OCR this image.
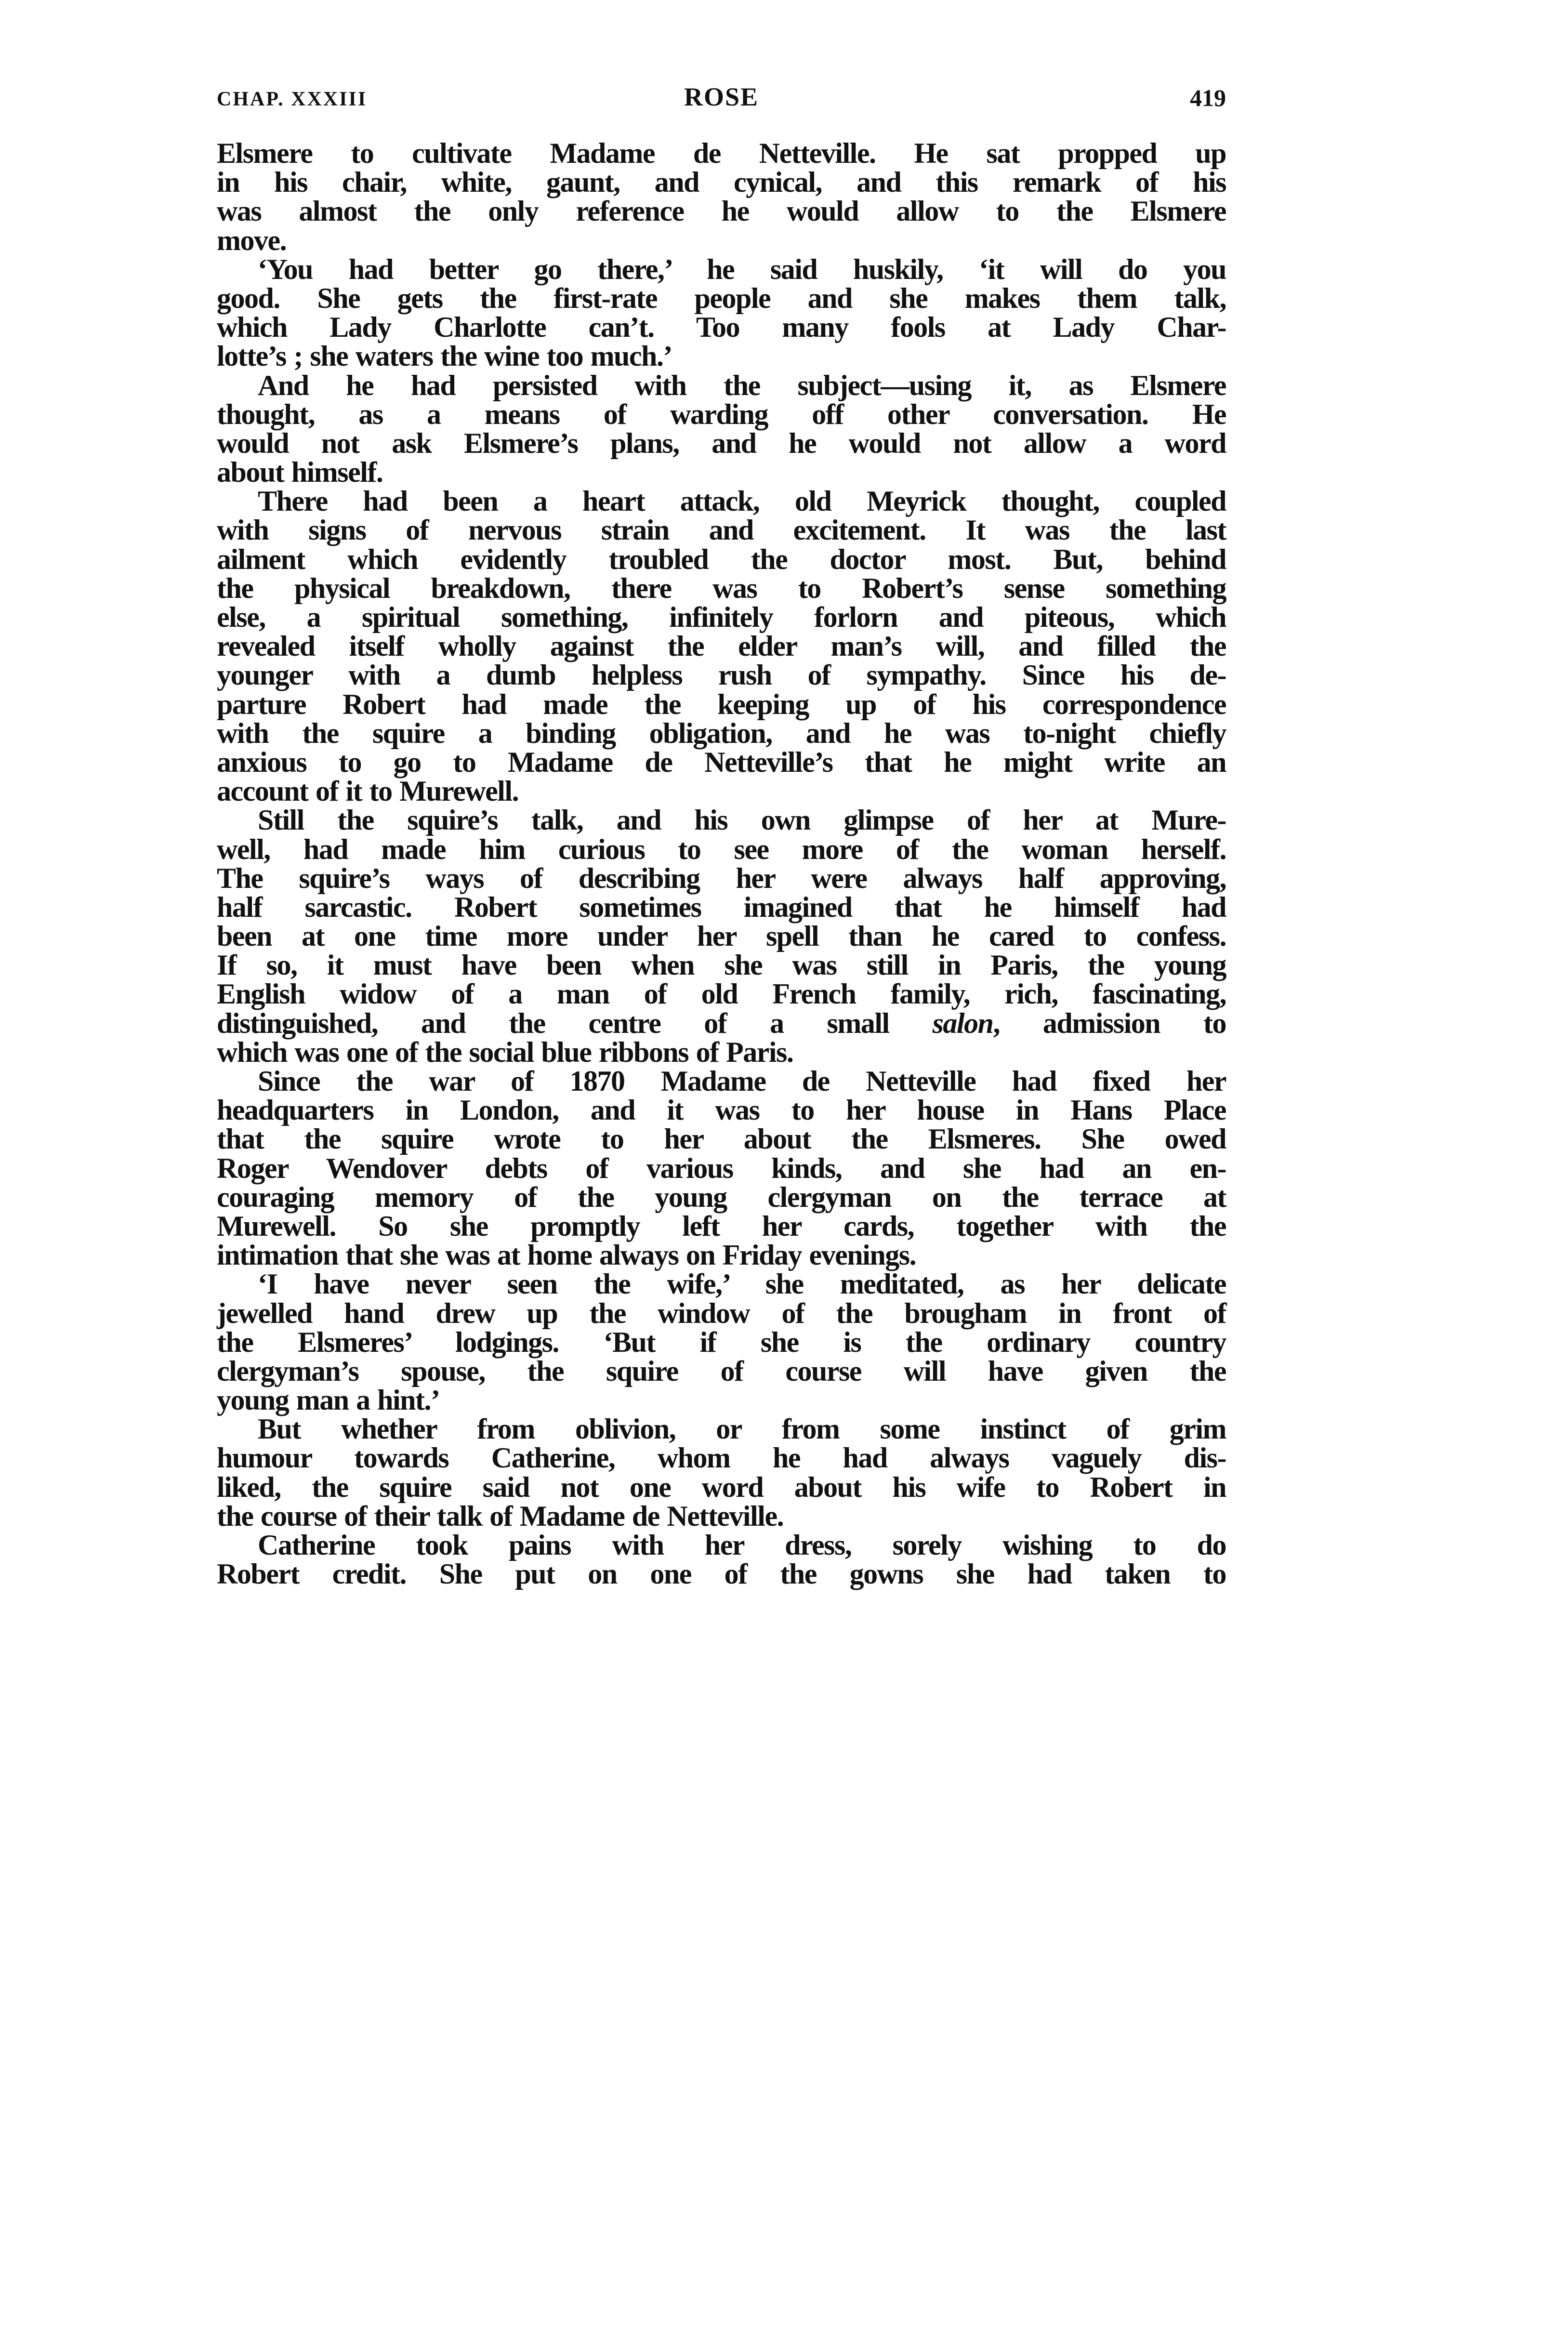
CHAP. XXXIII	ROSE	419
Elsmere to cultivate Madame de Netteville. He sat propped up
in his chair, white, gaunt, and cynical, and this remark of his
was almost the only reference he would allow to the Elsmere
move.
‘You had better go there,’ he said huskily, ‘it will do you
good. She gets the first-rate people and she makes them talk,
which Lady Charlotte can’t. Too many fools at Lady Char-
lotte’s ; she waters the wine too much.’
And he had persisted with the subject—using it, as Elsmere
thought, as a means of warding off other conversation. He
would not ask Elsmere’s plans, and he would not allow a word
about himself.
There had been a heart attack, old Meyrick thought, coupled
with signs of nervous strain and excitement. It was the last
ailment which evidently troubled the doctor most. But, behind
the physical breakdown, there was to Robert’s sense something
else, a spiritual something, infinitely forlorn and piteous, which
revealed itself wholly against the elder man’s will, and filled the
younger with a dumb helpless rush of sympathy. Since his de-
parture Robert had made the keeping up of his correspondence
with the squire a binding obligation, and he was to-night chiefly
anxious to go to Madame de Netteville’s that he might write an
account of it to Murewell.
Still the squire’s talk, and his own glimpse of her at Mure-
well, had made him curious to see more of the woman herself.
The squire’s ways of describing her were always half approving,
half sarcastic. Robert sometimes imagined that he himself had
been at one time more under her spell than he cared to confess.
If so, it must have been when she was still in Paris, the young
English widow of a man of old French family, rich, fascinating,
distinguished, and the centre of a small salon, admission to
which was one of the social blue ribbons of Paris.
Since the war of 1870 Madame de Netteville had fixed her
headquarters in London, and it was to her house in Hans Place
that the squire wrote to her about the Elsmeres. She owed
Roger Wendover debts of various kinds, and she had an en-
couraging memory of the young clergyman on the terrace at
Murewell. So she promptly left her cards, together with the
intimation that she was at home always on Friday evenings.
‘I have never seen the wife,’ she meditated, as her delicate
jewelled hand drew up the window of the brougham in front of
the Elsmeres’ lodgings. ‘But if she is the ordinary country
clergyman’s spouse, the squire of course will have given the
young man a hint.’
But whether from oblivion, or from some instinct of grim
humour towards Catherine, whom he had always vaguely dis-
liked, the squire said not one word about his wife to Robert in
the course of their talk of Madame de Netteville.
Catherine took pains with her dress, sorely wishing to do
Robert credit. She put on one of the gowns she had taken to
